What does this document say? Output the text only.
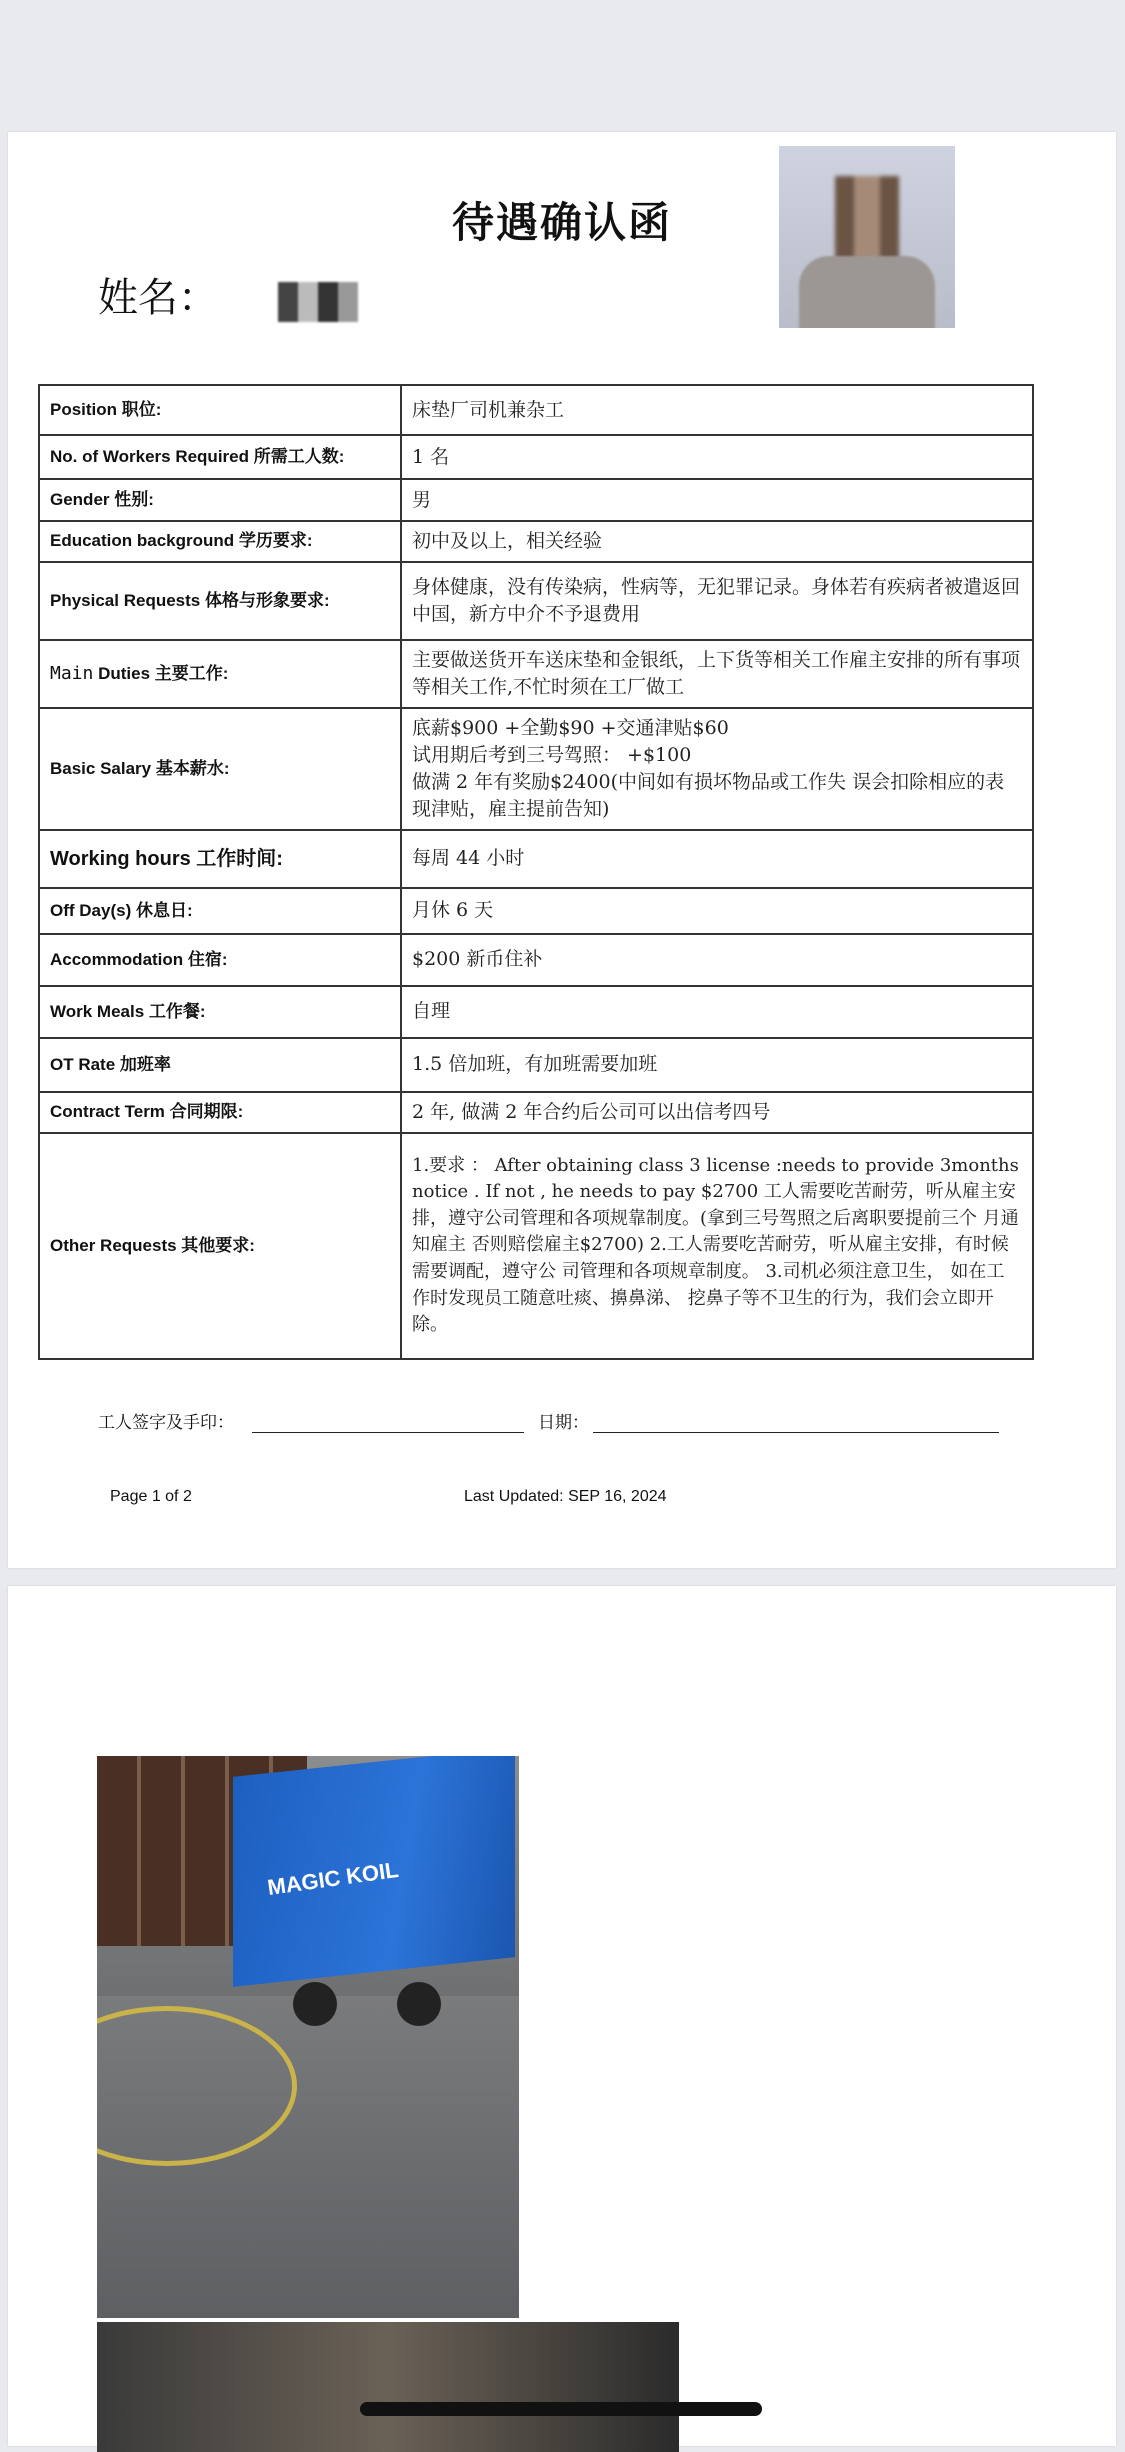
待遇确认函
姓名：
Position 职位:	床垫厂司机兼杂工
No. of Workers Required 所需工人数:	1 名
Gender 性别:	男
Education background 学历要求:	初中及以上，相关经验
Physical Requests 体格与形象要求:	身体健康，没有传染病，性病等，无犯罪记录。身体若有疾病者被遣返回中国，新方中介不予退费用
Main Duties 主要工作:	主要做送货开车送床垫和金银纸，上下货等相关工作雇主安排的所有事项等相关工作,不忙时须在工厂做工
Basic Salary 基本薪水:	底薪$900 +全勤$90 +交通津贴$60
试用期后考到三号驾照： +$100
做满 2 年有奖励$2400(中间如有损坏物品或工作失 误会扣除相应的表现津贴，雇主提前告知)

Working hours 工作时间:	每周 44 小时
Off Day(s) 休息日:	月休 6 天
Accommodation 住宿:	$200 新币住补
Work Meals 工作餐:	自理
OT Rate 加班率	1.5 倍加班，有加班需要加班
Contract Term 合同期限:	2 年, 做满 2 年合约后公司可以出信考四号
Other Requests 其他要求:	1.要求 ： After obtaining class 3 license :needs to provide 3months notice . If not , he needs to pay $2700 工人需要吃苦耐劳，听从雇主安排，遵守公司管理和各项规靠制度。(拿到三号驾照之后离职要提前三个 月通知雇主 否则赔偿雇主$2700) 2.工人需要吃苦耐劳，听从雇主安排，有时候需要调配，遵守公 司管理和各项规章制度。 3.司机必须注意卫生， 如在工作时发现员工随意吐痰、擤鼻涕、 挖鼻子等不卫生的行为，我们会立即开除。
工人签字及手印：	日期：
Page 1 of 2	Last Updated: SEP 16, 2024
MAGIC KOIL
